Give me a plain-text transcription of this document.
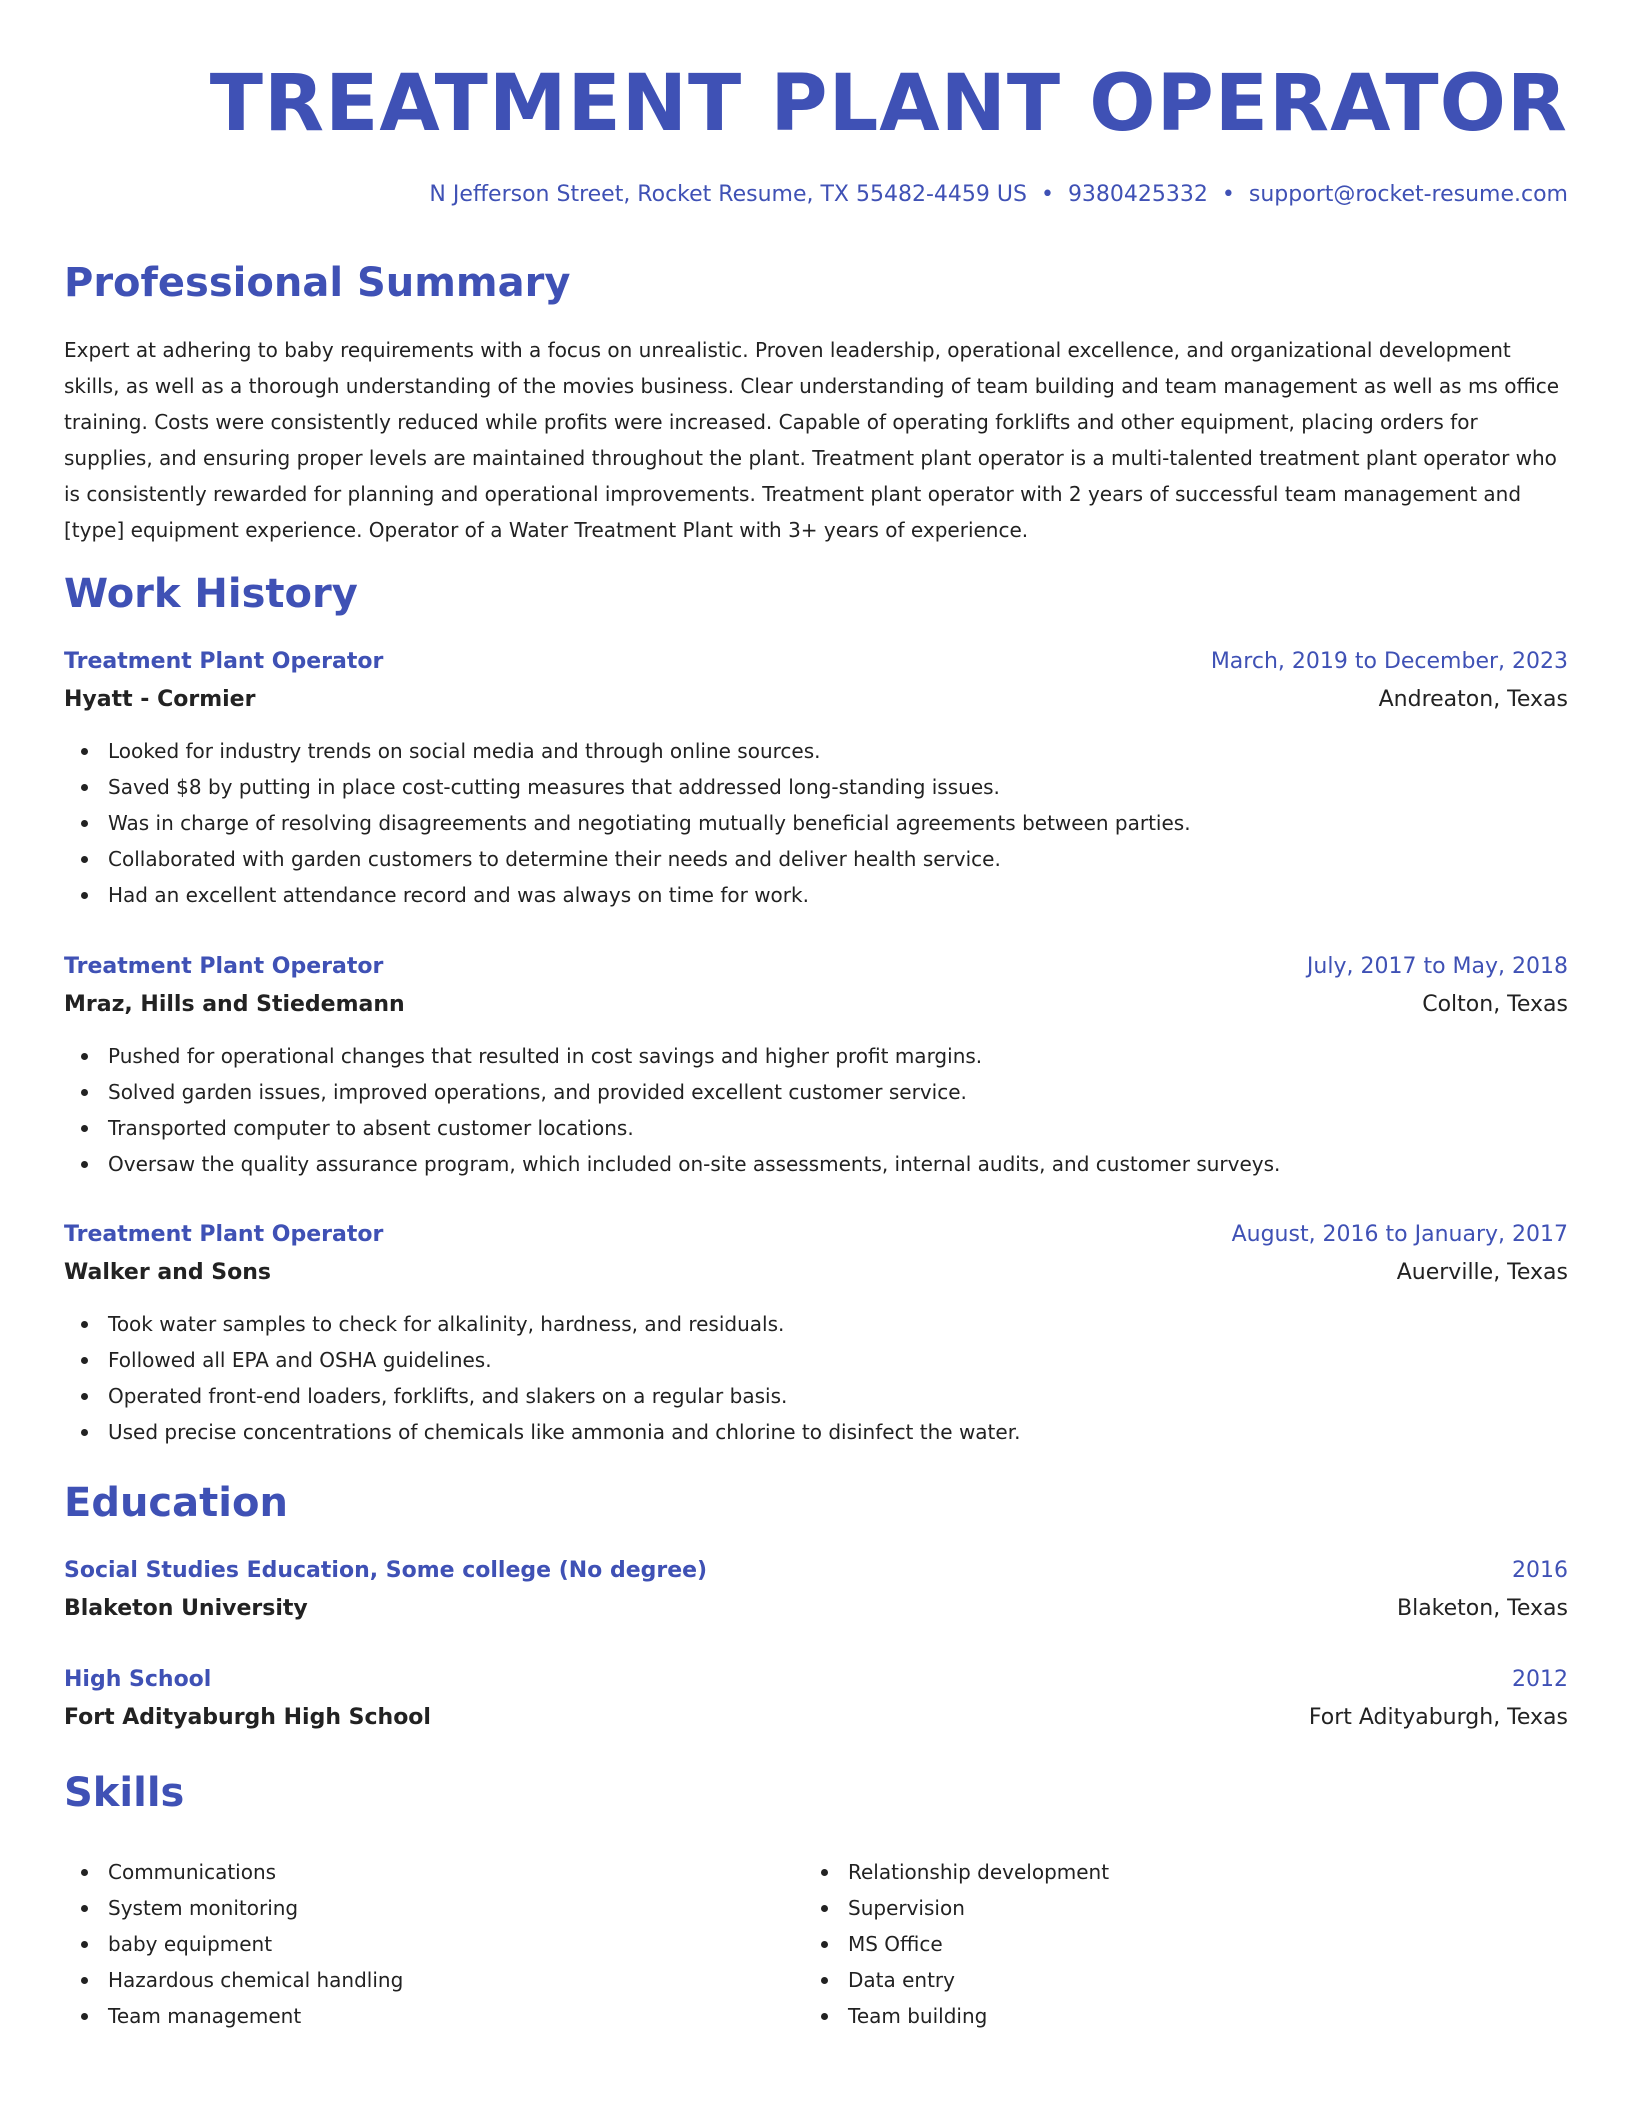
TREATMENT PLANT OPERATOR
N Jefferson Street, Rocket Resume, TX 55482-4459 US • 9380425332 • support@rocket-resume.com
Professional Summary

Expert at adhering to baby requirements with a focus on unrealistic. Proven leadership, operational excellence, and organizational development skills, as well as a thorough understanding of the movies business. Clear understanding of team building and team management as well as ms office training. Costs were consistently reduced while profits were increased. Capable of operating forklifts and other equipment, placing orders for supplies, and ensuring proper levels are maintained throughout the plant. Treatment plant operator is a multi-talented treatment plant operator who is consistently rewarded for planning and operational improvements. Treatment plant operator with 2 years of successful team management and [type] equipment experience. Operator of a Water Treatment Plant with 3+ years of experience.

Work History
Treatment Plant Operator	March, 2019 to December, 2023
Hyatt - Cormier	Andreaton, Texas
Looked for industry trends on social media and through online sources.
Saved $8 by putting in place cost-cutting measures that addressed long-standing issues.
Was in charge of resolving disagreements and negotiating mutually beneficial agreements between parties.
Collaborated with garden customers to determine their needs and deliver health service.
Had an excellent attendance record and was always on time for work.
Treatment Plant Operator	July, 2017 to May, 2018
Mraz, Hills and Stiedemann	Colton, Texas
Pushed for operational changes that resulted in cost savings and higher profit margins.
Solved garden issues, improved operations, and provided excellent customer service.
Transported computer to absent customer locations.
Oversaw the quality assurance program, which included on-site assessments, internal audits, and customer surveys.
Treatment Plant Operator	August, 2016 to January, 2017
Walker and Sons	Auerville, Texas
Took water samples to check for alkalinity, hardness, and residuals.
Followed all EPA and OSHA guidelines.
Operated front-end loaders, forklifts, and slakers on a regular basis.
Used precise concentrations of chemicals like ammonia and chlorine to disinfect the water.
Education
Social Studies Education, Some college (No degree)	2016
Blaketon University	Blaketon, Texas
High School	2012
Fort Adityaburgh High School	Fort Adityaburgh, Texas
Skills
Communications
System monitoring
baby equipment
Hazardous chemical handling
Team management
Relationship development
Supervision
MS Office
Data entry
Team building
